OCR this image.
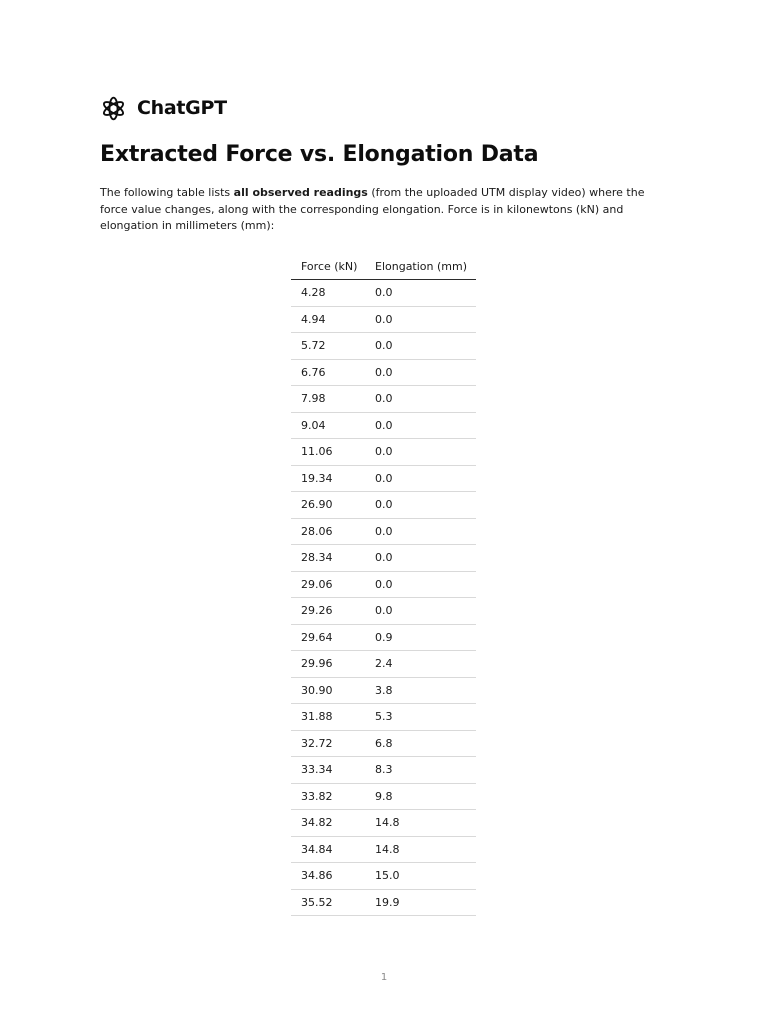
ChatGPT
Extracted Force vs. Elongation Data

The following table lists all observed readings (from the uploaded UTM display video) where the force value changes, along with the corresponding elongation. Force is in kilonewtons (kN) and elongation in millimeters (mm):

Force (kN)	Elongation (mm)
4.28	0.0
4.94	0.0
5.72	0.0
6.76	0.0
7.98	0.0
9.04	0.0
11.06	0.0
19.34	0.0
26.90	0.0
28.06	0.0
28.34	0.0
29.06	0.0
29.26	0.0
29.64	0.9
29.96	2.4
30.90	3.8
31.88	5.3
32.72	6.8
33.34	8.3
33.82	9.8
34.82	14.8
34.84	14.8
34.86	15.0
35.52	19.9
1
